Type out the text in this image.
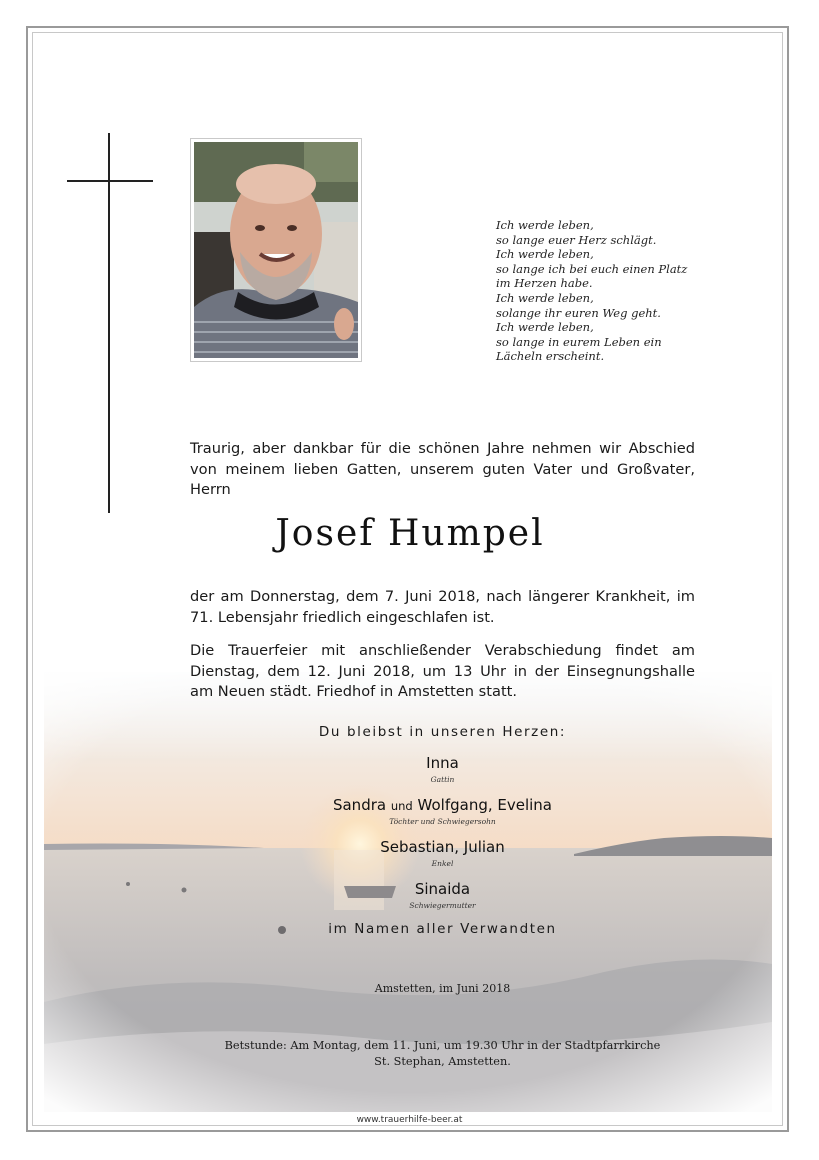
Ich werde leben,
so lange euer Herz schlägt.
Ich werde leben,
so lange ich bei euch einen Platz
im Herzen habe.
Ich werde leben,
solange ihr euren Weg geht.
Ich werde leben,
so lange in eurem Leben ein
Lächeln erscheint.
Traurig, aber dankbar für die schönen Jahre nehmen wir Abschied
von meinem lieben Gatten, unserem guten Vater und Großvater,
Herrn
Josef Humpel
der am Donnerstag, dem 7. Juni 2018, nach längerer Krankheit, im
71. Lebensjahr friedlich eingeschlafen ist.
Die Trauerfeier mit anschließender Verabschiedung findet am
Dienstag, dem 12. Juni 2018, um 13 Uhr in der Einsegnungshalle
am Neuen städt. Friedhof in Amstetten statt.
Du bleibst in unseren Herzen:
Inna
Gattin
Sandra und Wolfgang, Evelina
Töchter und Schwiegersohn
Sebastian, Julian
Enkel
Sinaida
Schwiegermutter
im Namen aller Verwandten
Amstetten, im Juni 2018
Betstunde: Am Montag, dem 11. Juni, um 19.30 Uhr in der Stadtpfarrkirche
St. Stephan, Amstetten.
www.trauerhilfe-beer.at
